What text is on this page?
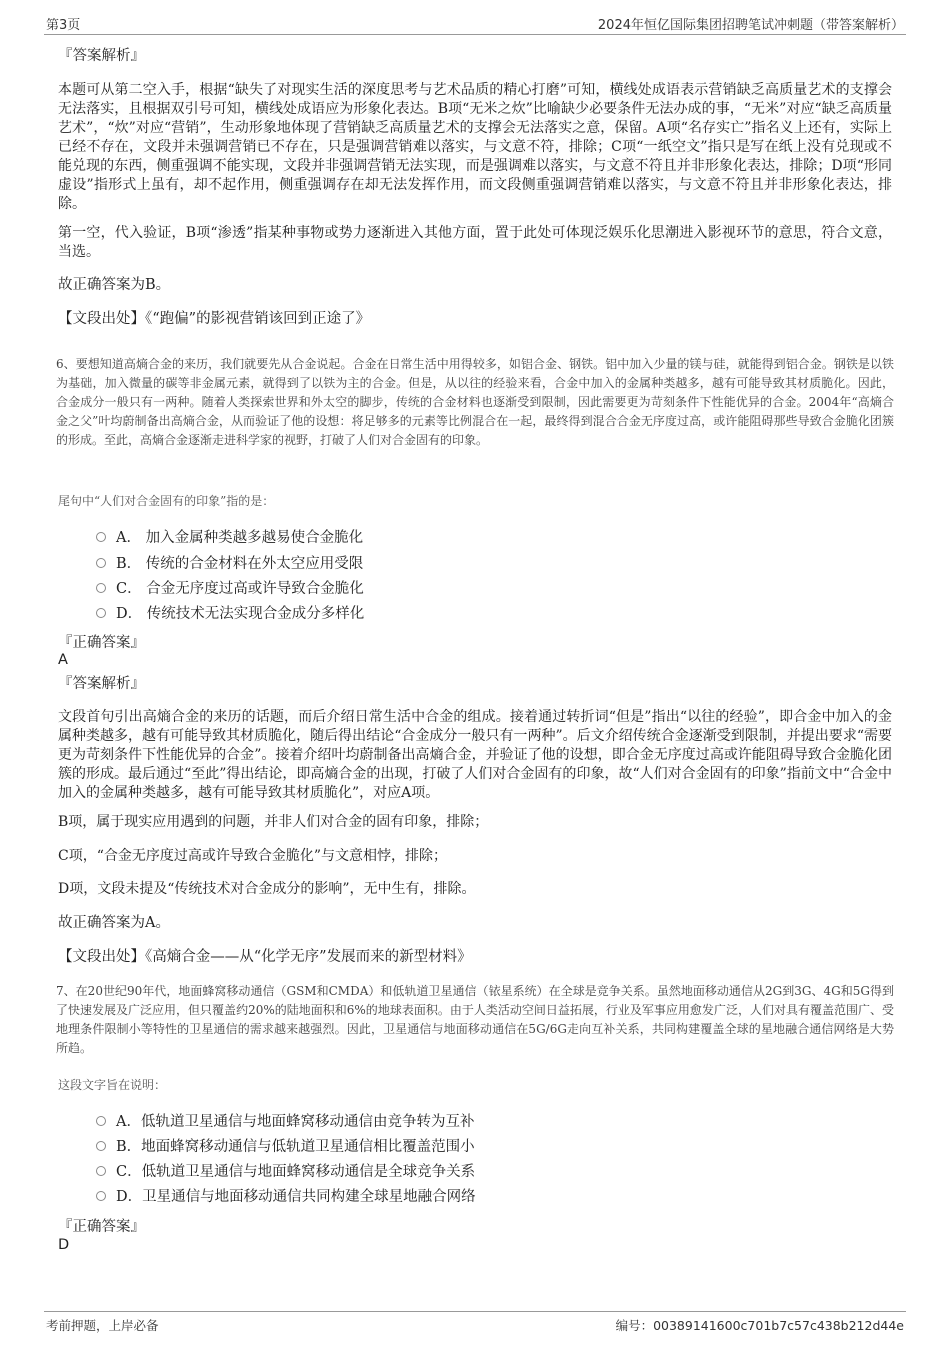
第3页	2024年恒亿国际集团招聘笔试冲刺题（带答案解析）
『答案解析』

本题可从第二空入手，根据“缺失了对现实生活的深度思考与艺术品质的精心打磨”可知，横线处成语表示营销缺乏高质量艺术的支撑会无法落实，且根据双引号可知，横线处成语应为形象化表达。B项“无米之炊”比喻缺少必要条件无法办成的事，“无米”对应“缺乏高质量艺术”，“炊”对应“营销”，生动形象地体现了营销缺乏高质量艺术的支撑会无法落实之意，保留。A项“名存实亡”指名义上还有，实际上已经不存在，文段并未强调营销已不存在，只是强调营销难以落实，与文意不符，排除；C项“一纸空文”指只是写在纸上没有兑现或不能兑现的东西，侧重强调不能实现，文段并非强调营销无法实现，而是强调难以落实，与文意不符且并非形象化表达，排除；D项“形同虚设”指形式上虽有，却不起作用，侧重强调存在却无法发挥作用，而文段侧重强调营销难以落实，与文意不符且并非形象化表达，排除。

第一空，代入验证，B项“渗透”指某种事物或势力逐渐进入其他方面，置于此处可体现泛娱乐化思潮进入影视环节的意思，符合文意，当选。

故正确答案为B。
【文段出处】《“跑偏”的影视营销该回到正途了》

6、要想知道高熵合金的来历，我们就要先从合金说起。合金在日常生活中用得较多，如铝合金、钢铁。铝中加入少量的镁与硅，就能得到铝合金。钢铁是以铁为基础，加入微量的碳等非金属元素，就得到了以铁为主的合金。但是，从以往的经验来看，合金中加入的金属种类越多，越有可能导致其材质脆化。因此，合金成分一般只有一两种。随着人类探索世界和外太空的脚步，传统的合金材料也逐渐受到限制，因此需要更为苛刻条件下性能优异的合金。2004年“高熵合金之父”叶均蔚制备出高熵合金，从而验证了他的设想：将足够多的元素等比例混合在一起，最终得到混合合金无序度过高，或许能阻碍那些导致合金脆化团簇的形成。至此，高熵合金逐渐走进科学家的视野，打破了人们对合金固有的印象。

尾句中“人们对合金固有的印象”指的是：
A． 加入金属种类越多越易使合金脆化
B． 传统的合金材料在外太空应用受限
C． 合金无序度过高或许导致合金脆化
D． 传统技术无法实现合金成分多样化
『正确答案』
A
『答案解析』

文段首句引出高熵合金的来历的话题，而后介绍日常生活中合金的组成。接着通过转折词“但是”指出“以往的经验”，即合金中加入的金属种类越多，越有可能导致其材质脆化，随后得出结论“合金成分一般只有一两种”。后文介绍传统合金逐渐受到限制，并提出要求“需要更为苛刻条件下性能优异的合金”。接着介绍叶均蔚制备出高熵合金，并验证了他的设想，即合金无序度过高或许能阻碍导致合金脆化团簇的形成。最后通过“至此”得出结论，即高熵合金的出现，打破了人们对合金固有的印象，故“人们对合金固有的印象”指前文中“合金中加入的金属种类越多，越有可能导致其材质脆化”，对应A项。

B项，属于现实应用遇到的问题，并非人们对合金的固有印象，排除；

C项，“合金无序度过高或许导致合金脆化”与文意相悖，排除；

D项，文段未提及“传统技术对合金成分的影响”，无中生有，排除。

故正确答案为A。
【文段出处】《高熵合金——从“化学无序”发展而来的新型材料》

7、在20世纪90年代，地面蜂窝移动通信（GSM和CMDA）和低轨道卫星通信（铱星系统）在全球是竞争关系。虽然地面移动通信从2G到3G、4G和5G得到了快速发展及广泛应用，但只覆盖约20%的陆地面积和6%的地球表面积。由于人类活动空间日益拓展，行业及军事应用愈发广泛，人们对具有覆盖范围广、受地理条件限制小等特性的卫星通信的需求越来越强烈。因此，卫星通信与地面移动通信在5G/6G走向互补关系，共同构建覆盖全球的星地融合通信网络是大势所趋。

这段文字旨在说明：
A．低轨道卫星通信与地面蜂窝移动通信由竞争转为互补
B．地面蜂窝移动通信与低轨道卫星通信相比覆盖范围小
C．低轨道卫星通信与地面蜂窝移动通信是全球竞争关系
D．卫星通信与地面移动通信共同构建全球星地融合网络
『正确答案』
D
考前押题，上岸必备	编号：00389141600c701b7c57c438b212d44e
